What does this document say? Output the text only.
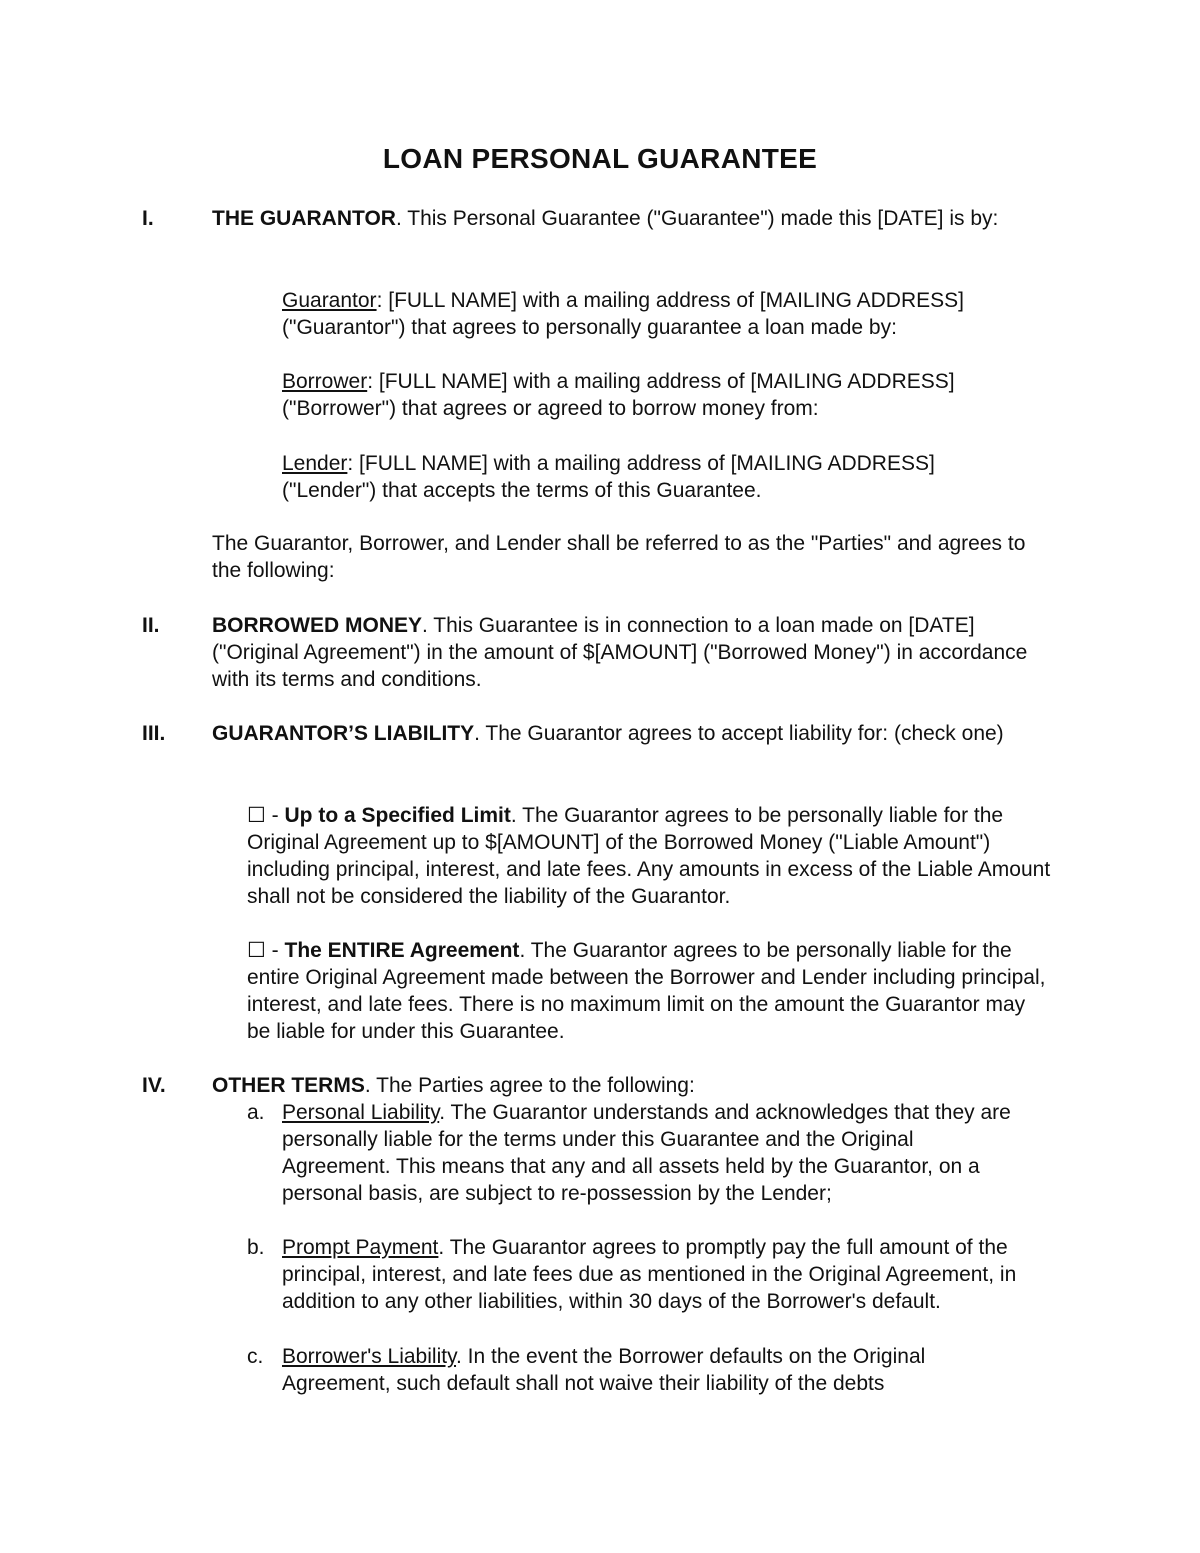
LOAN PERSONAL GUARANTEE
I.	THE GUARANTOR. This Personal Guarantee ("Guarantee") made this [DATE] is by:

Guarantor: [FULL NAME] with a mailing address of [MAILING ADDRESS] ("Guarantor") that agrees to personally guarantee a loan made by:

Borrower: [FULL NAME] with a mailing address of [MAILING ADDRESS] ("Borrower") that agrees or agreed to borrow money from:

Lender: [FULL NAME] with a mailing address of [MAILING ADDRESS] ("Lender") that accepts the terms of this Guarantee.

The Guarantor, Borrower, and Lender shall be referred to as the "Parties" and agrees to the following:

II. BORROWED MONEY. This Guarantee is in connection to a loan made on [DATE] ("Original Agreement") in the amount of $[AMOUNT] ("Borrowed Money") in accordance with its terms and conditions.

III. GUARANTOR’S LIABILITY. The Guarantor agrees to accept liability for: (check one)

☐ - Up to a Specified Limit. The Guarantor agrees to be personally liable for the Original Agreement up to $[AMOUNT] of the Borrowed Money ("Liable Amount") including principal, interest, and late fees. Any amounts in excess of the Liable Amount shall not be considered the liability of the Guarantor.

☐ - The ENTIRE Agreement. The Guarantor agrees to be personally liable for the entire Original Agreement made between the Borrower and Lender including principal, interest, and late fees. There is no maximum limit on the amount the Guarantor may be liable for under this Guarantee.

IV. OTHER TERMS. The Parties agree to the following:

a. Personal Liability. The Guarantor understands and acknowledges that they are personally liable for the terms under this Guarantee and the Original Agreement. This means that any and all assets held by the Guarantor, on a personal basis, are subject to re-possession by the Lender;

b. Prompt Payment. The Guarantor agrees to promptly pay the full amount of the principal, interest, and late fees due as mentioned in the Original Agreement, in addition to any other liabilities, within 30 days of the Borrower's default.

c. Borrower's Liability. In the event the Borrower defaults on the Original Agreement, such default shall not waive their liability of the debts
